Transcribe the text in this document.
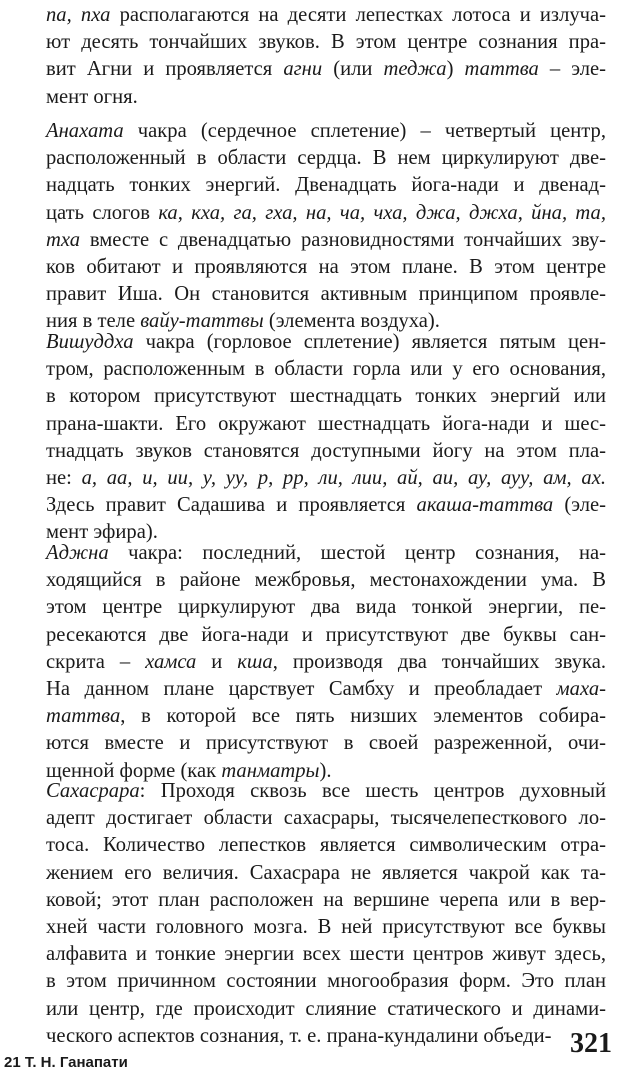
па, пха располагаются на десяти лепестках лотоса и излуча-
ют десять тончайших звуков. В этом центре сознания пра-
вит Агни и проявляется агни (или теджа) таттва – эле-
мент огня.
Анахата чакра (сердечное сплетение) – четвертый центр,
расположенный в области сердца. В нем циркулируют две-
надцать тонких энергий. Двенадцать йога-нади и двенад-
цать слогов ка, кха, га, гха, на, ча, чха, джа, джха, йна, та,
тха вместе с двенадцатью разновидностями тончайших зву-
ков обитают и проявляются на этом плане. В этом центре
правит Иша. Он становится активным принципом проявле-
ния в теле вайу-таттвы (элемента воздуха).
Вишуддха чакра (горловое сплетение) является пятым цен-
тром, расположенным в области горла или у его основания,
в котором присутствуют шестнадцать тонких энергий или
прана-шакти. Его окружают шестнадцать йога-нади и шес-
тнадцать звуков становятся доступными йогу на этом пла-
не: а, аа, и, ии, у, уу, р, рр, ли, лии, ай, аи, ау, ауу, ам, ах.
Здесь правит Садашива и проявляется акаша-таттва (эле-
мент эфира).
Аджна чакра: последний, шестой центр сознания, на-
ходящийся в районе межбровья, местонахождении ума. В
этом центре циркулируют два вида тонкой энергии, пе-
ресекаются две йога-нади и присутствуют две буквы сан-
скрита – хамса и кша, производя два тончайших звука.
На данном плане царствует Самбху и преобладает маха-
таттва, в которой все пять низших элементов собира-
ются вместе и присутствуют в своей разреженной, очи-
щенной форме (как танматры).
Сахасрара: Проходя сквозь все шесть центров духовный
адепт достигает области сахасрары, тысячелепесткового ло-
тоса. Количество лепестков является символическим отра-
жением его величия. Сахасрара не является чакрой как та-
ковой; этот план расположен на вершине черепа или в вер-
хней части головного мозга. В ней присутствуют все буквы
алфавита и тонкие энергии всех шести центров живут здесь,
в этом причинном состоянии многообразия форм. Это план
или центр, где происходит слияние статического и динами-
ческого аспектов сознания, т. е. прана-кундалини объеди-
21 Т. Н. Ганапати
321
